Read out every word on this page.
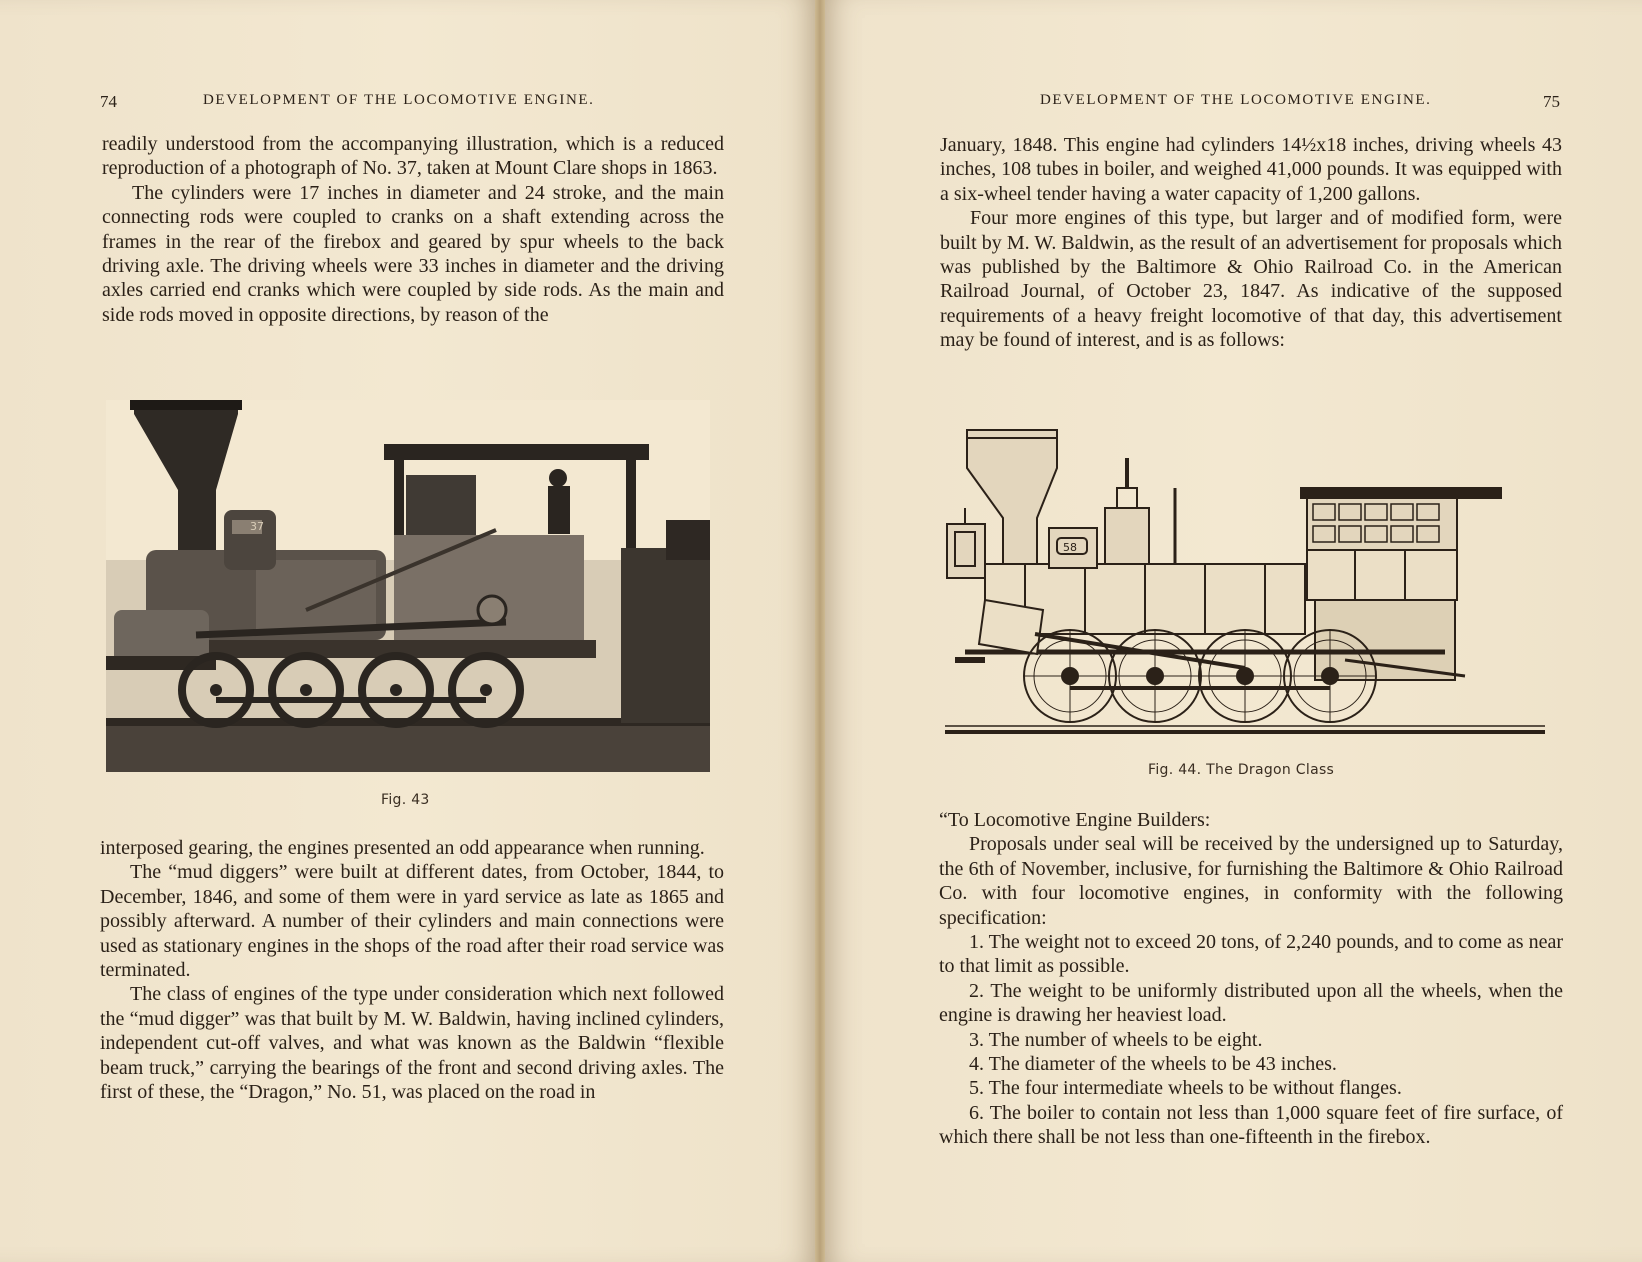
74	DEVELOPMENT OF THE LOCOMOTIVE ENGINE.

readily understood from the accompanying illustration, which is a reduced reproduction of a photograph of No. 37, taken at Mount Clare shops in 1863.

The cylinders were 17 inches in diameter and 24 stroke, and the main connecting rods were coupled to cranks on a shaft extending across the frames in the rear of the firebox and geared by spur wheels to the back driving axle. The driving wheels were 33 inches in diameter and the driving axles carried end cranks which were coupled by side rods. As the main and side rods moved in opposite directions, by reason of the

37
Fig. 43

interposed gearing, the engines presented an odd appearance when running.

The “mud diggers” were built at different dates, from October, 1844, to December, 1846, and some of them were in yard service as late as 1865 and possibly afterward. A number of their cylinders and main connections were used as stationary engines in the shops of the road after their road service was terminated.

The class of engines of the type under consideration which next followed the “mud digger” was that built by M. W. Baldwin, having inclined cylinders, independent cut-off valves, and what was known as the Baldwin “flexible beam truck,” carrying the bearings of the front and second driving axles. The first of these, the “Dragon,” No. 51, was placed on the road in

DEVELOPMENT OF THE LOCOMOTIVE ENGINE.	75

January, 1848. This engine had cylinders 14½x18 inches, driving wheels 43 inches, 108 tubes in boiler, and weighed 41,000 pounds. It was equipped with a six-wheel tender having a water capacity of 1,200 gallons.

Four more engines of this type, but larger and of modified form, were built by M. W. Baldwin, as the result of an advertisement for proposals which was published by the Baltimore & Ohio Railroad Co. in the American Railroad Journal, of October 23, 1847. As indicative of the supposed requirements of a heavy freight locomotive of that day, this advertisement may be found of interest, and is as follows:

58
Fig. 44. The Dragon Class

“To Locomotive Engine Builders:

Proposals under seal will be received by the undersigned up to Saturday, the 6th of November, inclusive, for furnishing the Baltimore & Ohio Railroad Co. with four locomotive engines, in conformity with the following specification:

1. The weight not to exceed 20 tons, of 2,240 pounds, and to come as near to that limit as possible.

2. The weight to be uniformly distributed upon all the wheels, when the engine is drawing her heaviest load.

3. The number of wheels to be eight.

4. The diameter of the wheels to be 43 inches.

5. The four intermediate wheels to be without flanges.

6. The boiler to contain not less than 1,000 square feet of fire surface, of which there shall be not less than one-fifteenth in the firebox.
